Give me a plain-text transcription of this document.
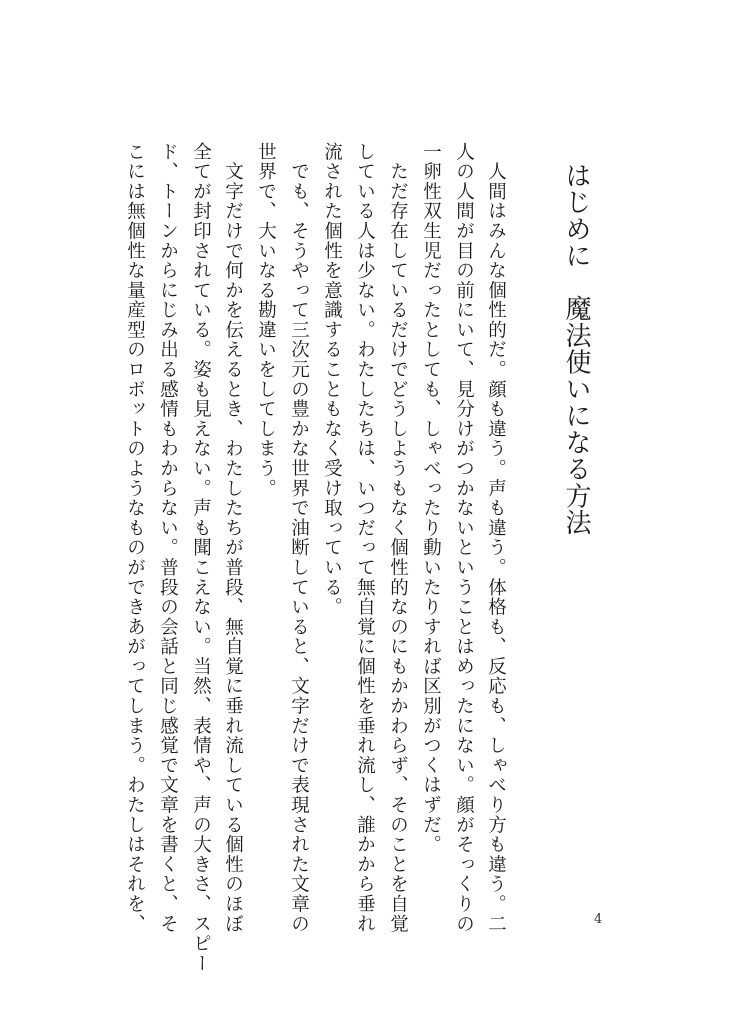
はじめに魔法使いになる方法
　人間はみんな個性的だ。顔も違う。声も違う。体格も、反応も、しゃべり方も違う。二
人の人間が目の前にいて、見分けがつかないということはめったにない。顔がそっくりの
一卵性双生児だったとしても、しゃべったり動いたりすれば区別がつくはずだ。
　ただ存在しているだけでどうしようもなく個性的なのにもかかわらず、そのことを自覚
している人は少ない。わたしたちは、いつだって無自覚に個性を垂れ流し、誰かから垂れ
流された個性を意識することもなく受け取っている。
　でも、そうやって三次元の豊かな世界で油断していると、文字だけで表現された文章の
世界で、大いなる勘違いをしてしまう。
　文字だけで何かを伝えるとき、わたしたちが普段、無自覚に垂れ流している個性のほぼ
全てが封印されている。姿も見えない。声も聞こえない。当然、表情や、声の大きさ、スピー
ド、トーンからにじみ出る感情もわからない。普段の会話と同じ感覚で文章を書くと、そ
こには無個性な量産型のロボットのようなものができあがってしまう。わたしはそれを、	4
